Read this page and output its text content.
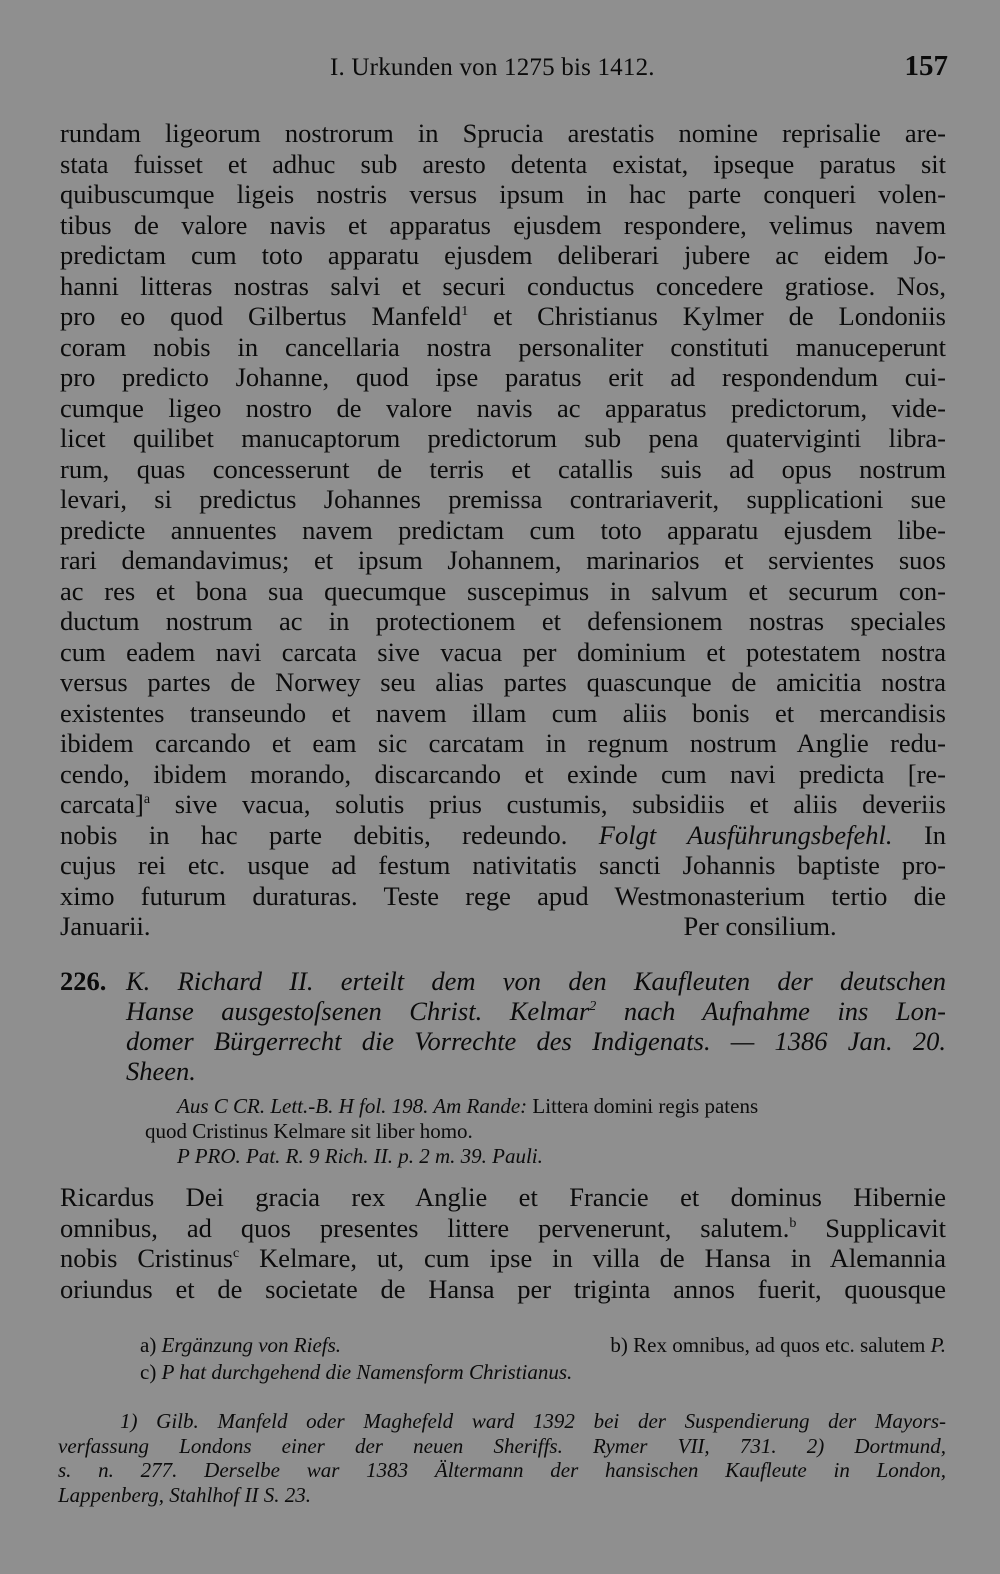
I. Urkunden von 1275 bis 1412.	157
rundam ligeorum nostrorum in Sprucia arestatis nomine reprisalie are-
stata fuisset et adhuc sub aresto detenta existat, ipseque paratus sit
quibuscumque ligeis nostris versus ipsum in hac parte conqueri volen-
tibus de valore navis et apparatus ejusdem respondere, velimus navem
predictam cum toto apparatu ejusdem deliberari jubere ac eidem Jo-
hanni litteras nostras salvi et securi conductus concedere gratiose. Nos,
pro eo quod Gilbertus Manfeld$^1$ et Christianus Kylmer de Londoniis
coram nobis in cancellaria nostra personaliter constituti manuceperunt
pro predicto Johanne, quod ipse paratus erit ad respondendum cui-
cumque ligeo nostro de valore navis ac apparatus predictorum, vide-
licet quilibet manucaptorum predictorum sub pena quaterviginti libra-
rum, quas concesserunt de terris et catallis suis ad opus nostrum
levari, si predictus Johannes premissa contrariaverit, supplicationi sue
predicte annuentes navem predictam cum toto apparatu ejusdem libe-
rari demandavimus; et ipsum Johannem, marinarios et servientes suos
ac res et bona sua quecumque suscepimus in salvum et securum con-
ductum nostrum ac in protectionem et defensionem nostras speciales
cum eadem navi carcata sive vacua per dominium et potestatem nostra
versus partes de Norwey seu alias partes quascunque de amicitia nostra
existentes transeundo et navem illam cum aliis bonis et mercandisis
ibidem carcando et eam sic carcatam in regnum nostrum Anglie redu-
cendo, ibidem morando, discarcando et exinde cum navi predicta [re-
carcata]$^a$ sive vacua, solutis prius custumis, subsidiis et aliis deveriis
nobis in hac parte debitis, redeundo. Folgt Ausführungsbefehl. In
cujus rei etc. usque ad festum nativitatis sancti Johannis baptiste pro-
ximo futurum duraturas. Teste rege apud Westmonasterium tertio die
Januarii.	Per consilium.
226. K. Richard II. erteilt dem von den Kaufleuten der deutschen
Hanse ausgestoſsenen Christ. Kelmar$^2$ nach Aufnahme ins Lon-
domer Bürgerrecht die Vorrechte des Indigenats. — 1386 Jan. 20.
Sheen.
Aus C CR. Lett.-B. H fol. 198. Am Rande: Littera domini regis patens
quod Cristinus Kelmare sit liber homo.
P PRO. Pat. R. 9 Rich. II. p. 2 m. 39. Pauli.
Ricardus Dei gracia rex Anglie et Francie et dominus Hibernie
omnibus, ad quos presentes littere pervenerunt, salutem.$^b$ Supplicavit
nobis Cristinus$^c$ Kelmare, ut, cum ipse in villa de Hansa in Alemannia
oriundus et de societate de Hansa per triginta annos fuerit, quousque
a) Ergänzung von Riefs.	b) Rex omnibus, ad quos etc. salutem P.
c) P hat durchgehend die Namensform Christianus.
1) Gilb. Manfeld oder Maghefeld ward 1392 bei der Suspendierung der Mayors-
verfassung Londons einer der neuen Sheriffs. Rymer VII, 731. 2) Dortmund,
s. n. 277. Derselbe war 1383 Ältermann der hansischen Kaufleute in London,
Lappenberg, Stahlhof II S. 23.
